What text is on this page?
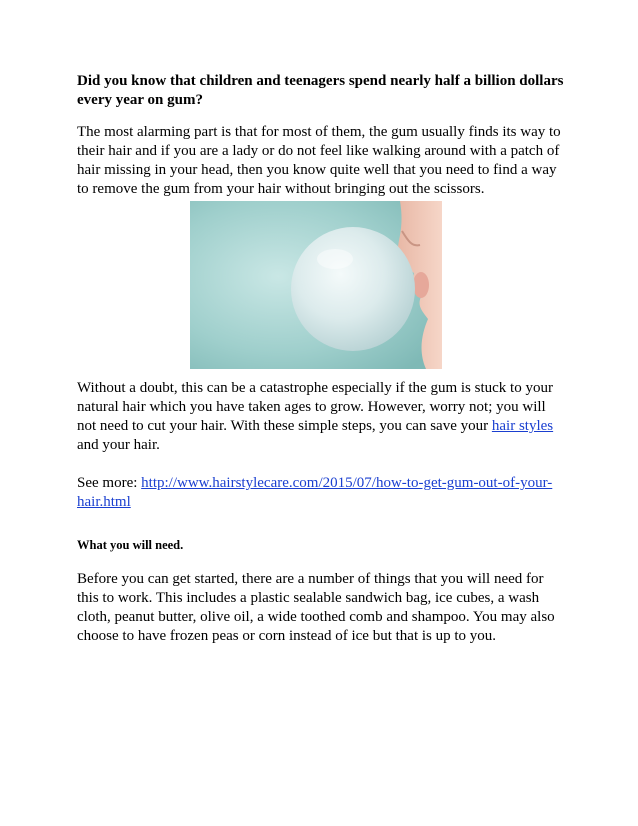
Did you know that children and teenagers spend nearly half a billion dollars every year on gum?

The most alarming part is that for most of them, the gum usually finds its way to their hair and if you are a lady or do not feel like walking around with a patch of hair missing in your head, then you know quite well that you need to find a way to remove the gum from your hair without bringing out the scissors.

Without a doubt, this can be a catastrophe especially if the gum is stuck to your natural hair which you have taken ages to grow. However, worry not; you will not need to cut your hair. With these simple steps, you can save your hair styles and your hair.

See more: http://www.hairstylecare.com/2015/07/how-to-get-gum-out-of-your-hair.html

What you will need.

Before you can get started, there are a number of things that you will need for this to work. This includes a plastic sealable sandwich bag, ice cubes, a wash cloth, peanut butter, olive oil, a wide toothed comb and shampoo. You may also choose to have frozen peas or corn instead of ice but that is up to you.
